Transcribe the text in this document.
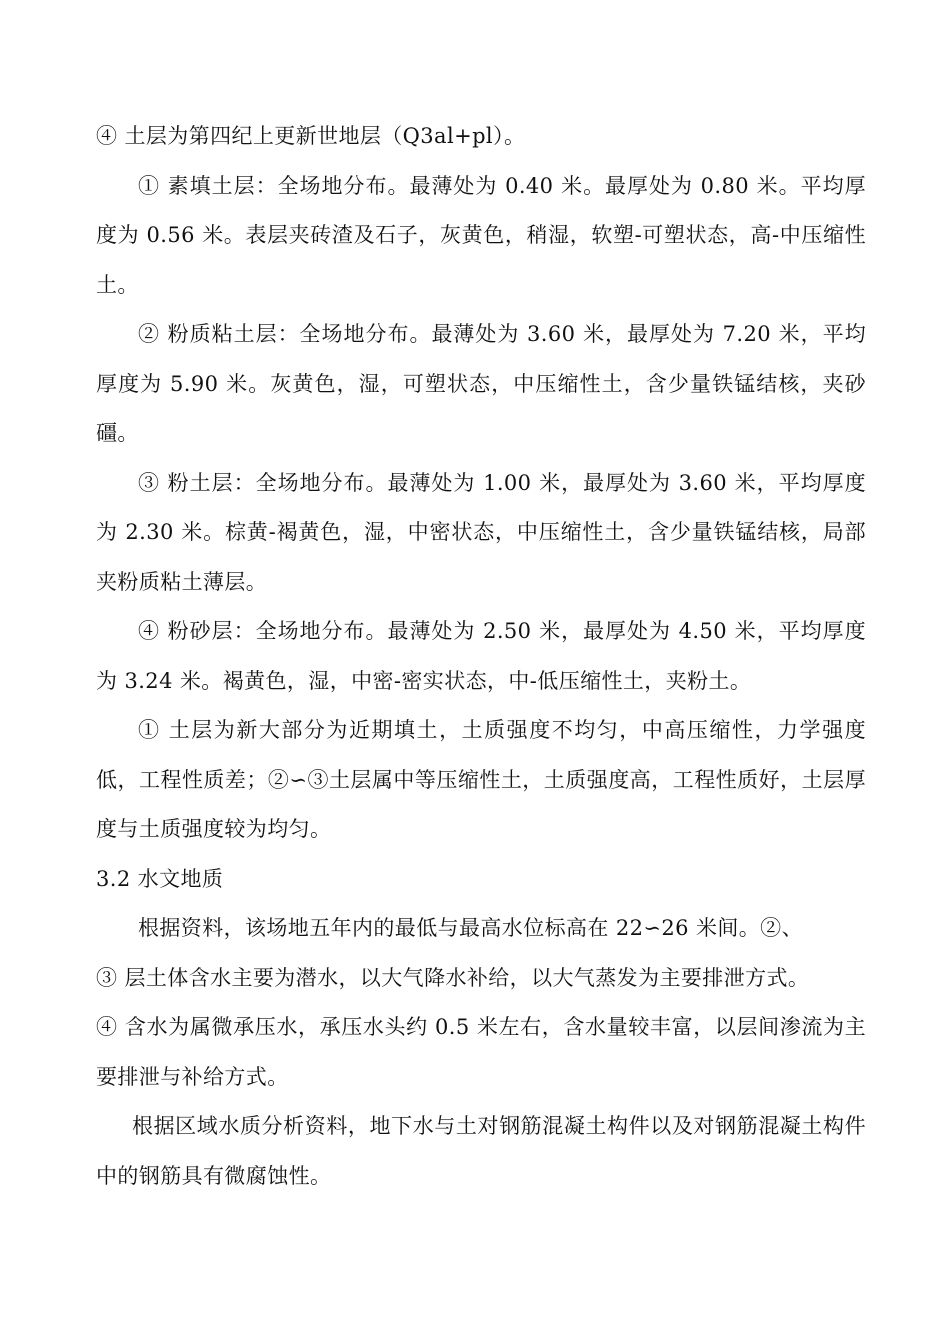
④ 土层为第四纪上更新世地层（Q3al+pl）。

① 素填土层：全场地分布。最薄处为 0.40 米。最厚处为 0.80 米。平均厚度为 0.56 米。表层夹砖渣及石子，灰黄色，稍湿，软塑-可塑状态，高-中压缩性土。

② 粉质粘土层：全场地分布。最薄处为 3.60 米，最厚处为 7.20 米，平均厚度为 5.90 米。灰黄色，湿，可塑状态，中压缩性土，含少量铁锰结核，夹砂礓。

③ 粉土层：全场地分布。最薄处为 1.00 米，最厚处为 3.60 米，平均厚度为 2.30 米。棕黄-褐黄色，湿，中密状态，中压缩性土，含少量铁锰结核，局部夹粉质粘土薄层。

④ 粉砂层：全场地分布。最薄处为 2.50 米，最厚处为 4.50 米，平均厚度为 3.24 米。褐黄色，湿，中密-密实状态，中-低压缩性土，夹粉土。

① 土层为新大部分为近期填土，土质强度不均匀，中高压缩性，力学强度低，工程性质差；②∽③土层属中等压缩性土，土质强度高，工程性质好，土层厚度与土质强度较为均匀。

3.2 水文地质

根据资料，该场地五年内的最低与最高水位标高在 22∽26 米间。②、

③ 层土体含水主要为潜水，以大气降水补给，以大气蒸发为主要排泄方式。

④ 含水为属微承压水，承压水头约 0.5 米左右，含水量较丰富，以层间渗流为主要排泄与补给方式。

根据区域水质分析资料，地下水与土对钢筋混凝土构件以及对钢筋混凝土构件中的钢筋具有微腐蚀性。
